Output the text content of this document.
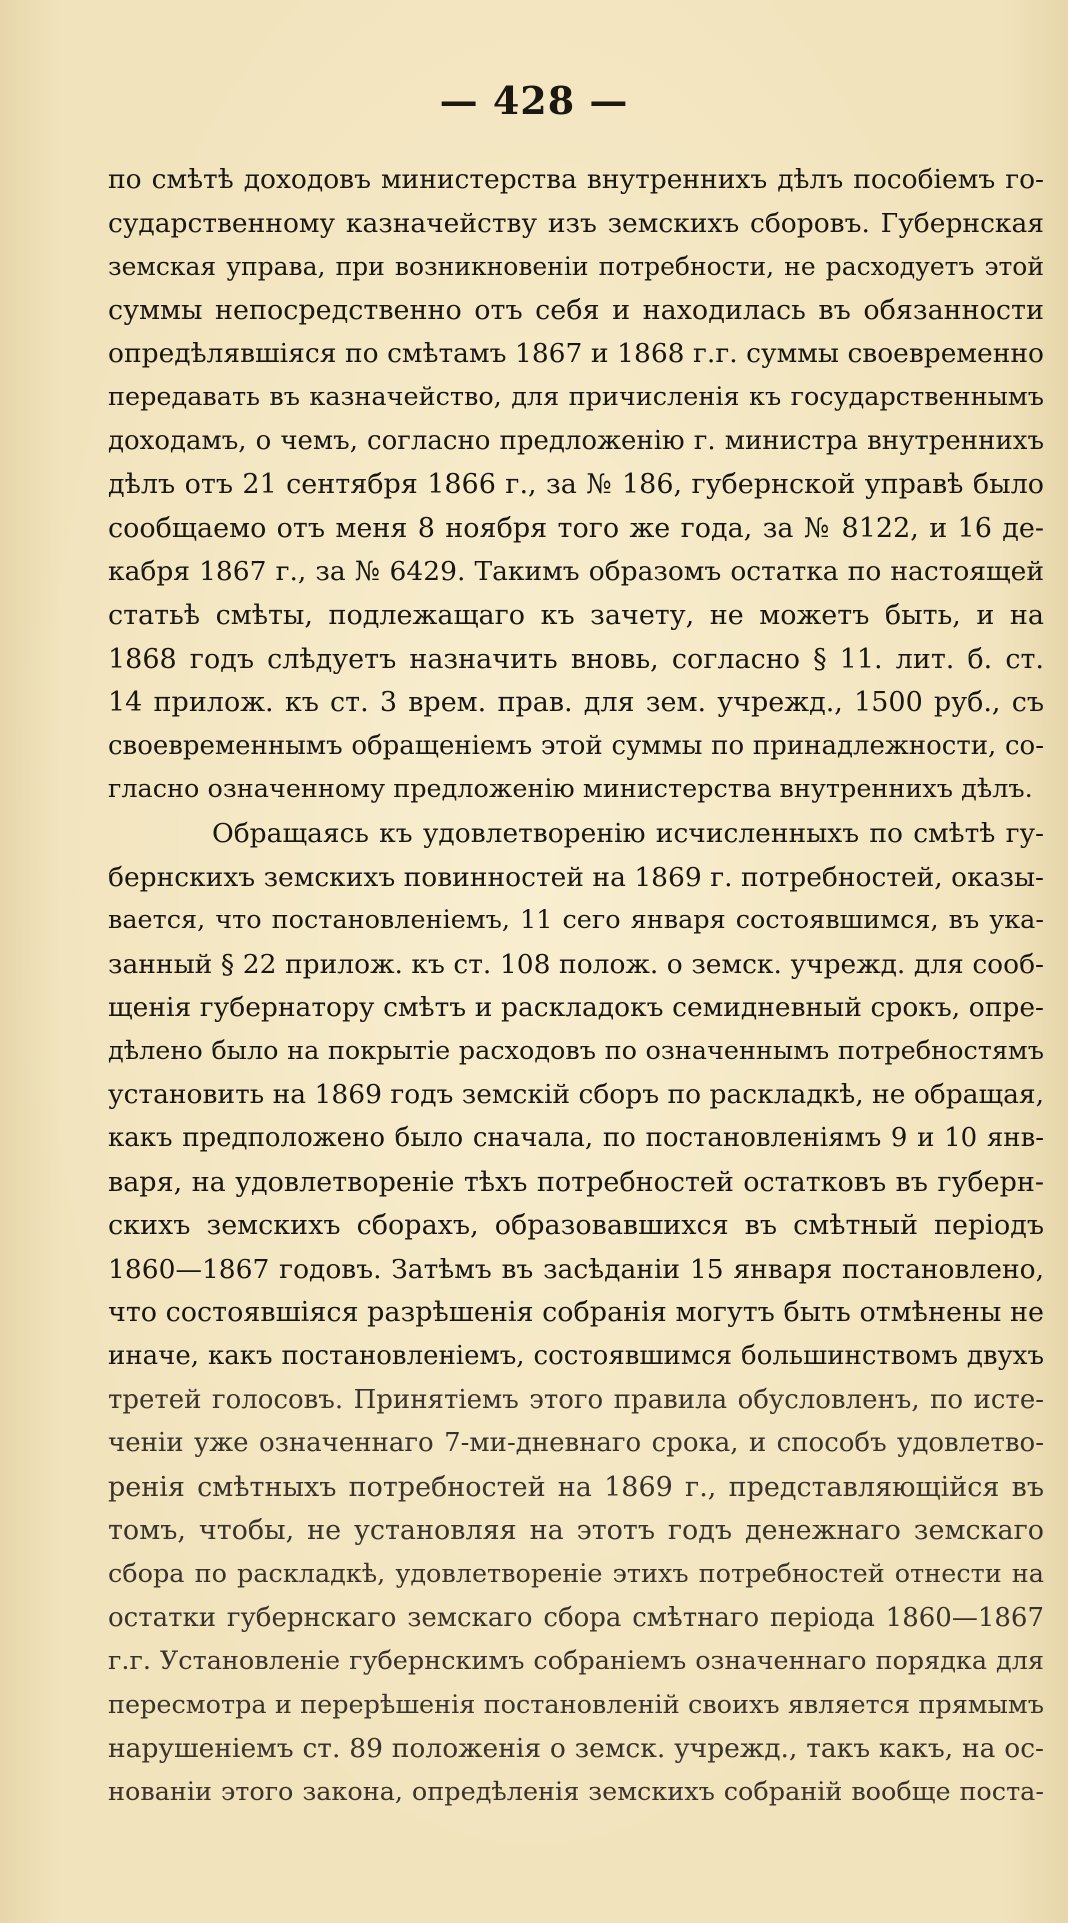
— 428 —

по смѣтѣ доходовъ министерства внутреннихъ дѣлъ пособіемъ го-
сударственному казначейству изъ земскихъ сборовъ. Губернская
земская управа, при возникновеніи потребности, не расходуетъ этой
суммы непосредственно отъ себя и находилась въ обязанности
опредѣлявшіяся по смѣтамъ 1867 и 1868 г.г. суммы своевременно
передавать въ казначейство, для причисленія къ государственнымъ
доходамъ, о чемъ, согласно предложенію г. министра внутреннихъ
дѣлъ отъ 21 сентября 1866 г., за № 186, губернской управѣ было
сообщаемо отъ меня 8 ноября того же года, за № 8122, и 16 де-
кабря 1867 г., за № 6429. Такимъ образомъ остатка по настоящей
статьѣ смѣты, подлежащаго къ зачету, не можетъ быть, и на
1868 годъ слѣдуетъ назначить вновь, согласно § 11. лит. б. ст.
14 прилож. къ ст. 3 врем. прав. для зем. учрежд., 1500 руб., съ
своевременнымъ обращеніемъ этой суммы по принадлежности, со-
гласно означенному предложенію министерства внутреннихъ дѣлъ.
Обращаясь къ удовлетворенію исчисленныхъ по смѣтѣ гу-
бернскихъ земскихъ повинностей на 1869 г. потребностей, оказы-
вается, что постановленіемъ, 11 сего января состоявшимся, въ ука-
занный § 22 прилож. къ ст. 108 полож. о земск. учрежд. для сооб-
щенія губернатору смѣтъ и раскладокъ семидневный срокъ, опре-
дѣлено было на покрытіе расходовъ по означеннымъ потребностямъ
установить на 1869 годъ земскій сборъ по раскладкѣ, не обращая,
какъ предположено было сначала, по постановленіямъ 9 и 10 янв-
варя, на удовлетвореніе тѣхъ потребностей остатковъ въ губерн-
скихъ земскихъ сборахъ, образовавшихся въ смѣтный періодъ
1860—1867 годовъ. Затѣмъ въ засѣданіи 15 января постановлено,
что состоявшіяся разрѣшенія собранія могутъ быть отмѣнены не
иначе, какъ постановленіемъ, состоявшимся большинствомъ двухъ
третей голосовъ. Принятіемъ этого правила обусловленъ, по исте-
ченіи уже означеннаго 7-ми-дневнаго срока, и способъ удовлетво-
ренія смѣтныхъ потребностей на 1869 г., представляющійся въ
томъ, чтобы, не установляя на этотъ годъ денежнаго земскаго
сбора по раскладкѣ, удовлетвореніе этихъ потребностей отнести на
остатки губернскаго земскаго сбора смѣтнаго періода 1860—1867
г.г. Установленіе губернскимъ собраніемъ означеннаго порядка для
пересмотра и перерѣшенія постановленій своихъ является прямымъ
нарушеніемъ ст. 89 положенія о земск. учрежд., такъ какъ, на ос-
нованіи этого закона, опредѣленія земскихъ собраній вообще поста-
